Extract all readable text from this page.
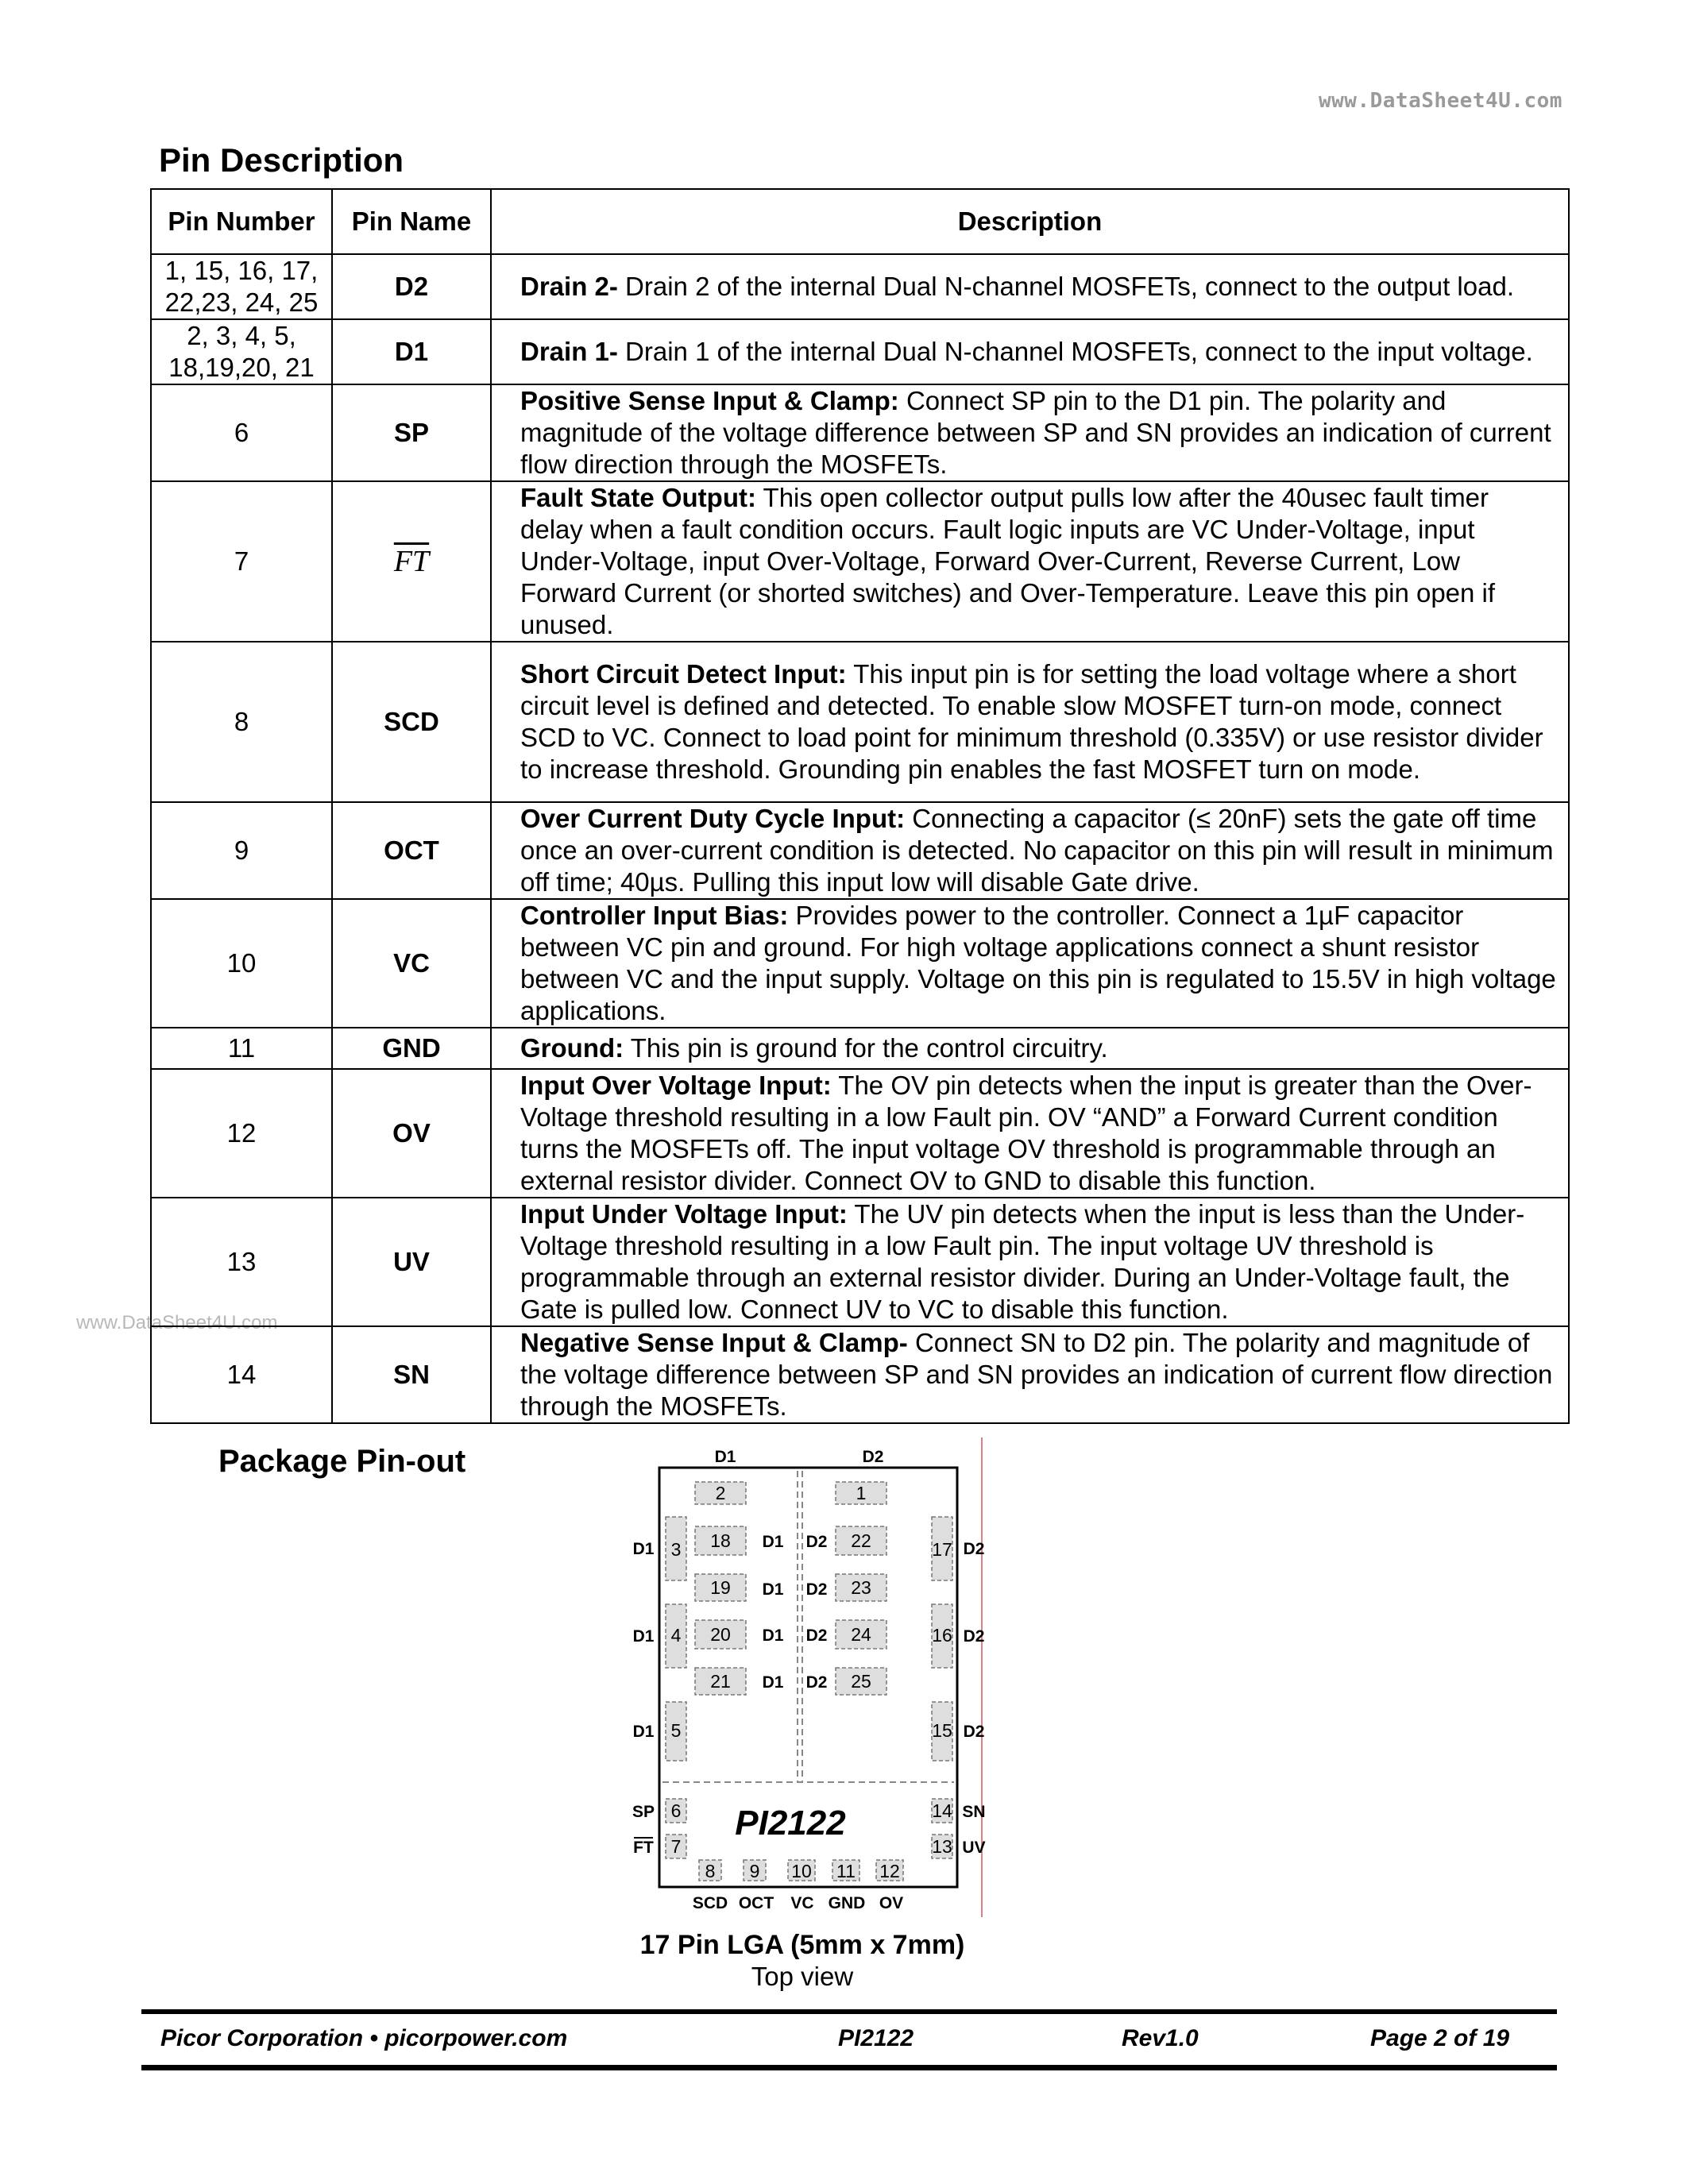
www.DataSheet4U.com
www.DataSheet4U.com
Pin Description
Pin Number	Pin Name	Description
1, 15, 16, 17, 22,23, 24, 25	D2	Drain 2- Drain 2 of the internal Dual N-channel MOSFETs, connect to the output load.
2, 3, 4, 5, 18,19,20, 21	D1	Drain 1- Drain 1 of the internal Dual N-channel MOSFETs, connect to the input voltage.
6	SP	Positive Sense Input & Clamp: Connect SP pin to the D1 pin. The polarity and magnitude of the voltage difference between SP and SN provides an indication of current flow direction through the MOSFETs.
7	$\overline{FT}$	Fault State Output: This open collector output pulls low after the 40usec fault timer delay when a fault condition occurs. Fault logic inputs are VC Under-Voltage, input Under-Voltage, input Over-Voltage, Forward Over-Current, Reverse Current, Low Forward Current (or shorted switches) and Over-Temperature. Leave this pin open if unused.
8	SCD	Short Circuit Detect Input: This input pin is for setting the load voltage where a short circuit level is defined and detected. To enable slow MOSFET turn-on mode, connect SCD to VC. Connect to load point for minimum threshold (0.335V) or use resistor divider to increase threshold. Grounding pin enables the fast MOSFET turn on mode.
9	OCT	Over Current Duty Cycle Input: Connecting a capacitor (≤ 20nF) sets the gate off time once an over-current condition is detected. No capacitor on this pin will result in minimum off time; 40µs. Pulling this input low will disable Gate drive.
10	VC	Controller Input Bias: Provides power to the controller. Connect a 1µF capacitor between VC pin and ground. For high voltage applications connect a shunt resistor between VC and the input supply. Voltage on this pin is regulated to 15.5V in high voltage applications.
11	GND	Ground: This pin is ground for the control circuitry.
12	OV	Input Over Voltage Input: The OV pin detects when the input is greater than the Over-Voltage threshold resulting in a low Fault pin. OV “AND” a Forward Current condition turns the MOSFETs off. The input voltage OV threshold is programmable through an external resistor divider. Connect OV to GND to disable this function.
13	UV	Input Under Voltage Input: The UV pin detects when the input is less than the Under-Voltage threshold resulting in a low Fault pin. The input voltage UV threshold is programmable through an external resistor divider. During an Under-Voltage fault, the Gate is pulled low. Connect UV to VC to disable this function.
14	SN	Negative Sense Input & Clamp- Connect SN to D2 pin. The polarity and magnitude of the voltage difference between SP and SN provides an indication of current flow direction through the MOSFETs.
Package Pin-out	D1	D2
2	1
18 D1 D2 22
19 D1 D2 23
20 D1 D2 24
21 D1 D2 25
3
4
5
6
7
17
16
15
14
13
8 9 10 11 12
PI2122
D1
D1
D1
SP
FT
D2
D2
D2
SN
UV
SCD OCT VC GND OV
17 Pin LGA (5mm x 7mm)
Top view
Picor Corporation • picorpower.com	PI2122	Rev1.0	Page 2 of 19
